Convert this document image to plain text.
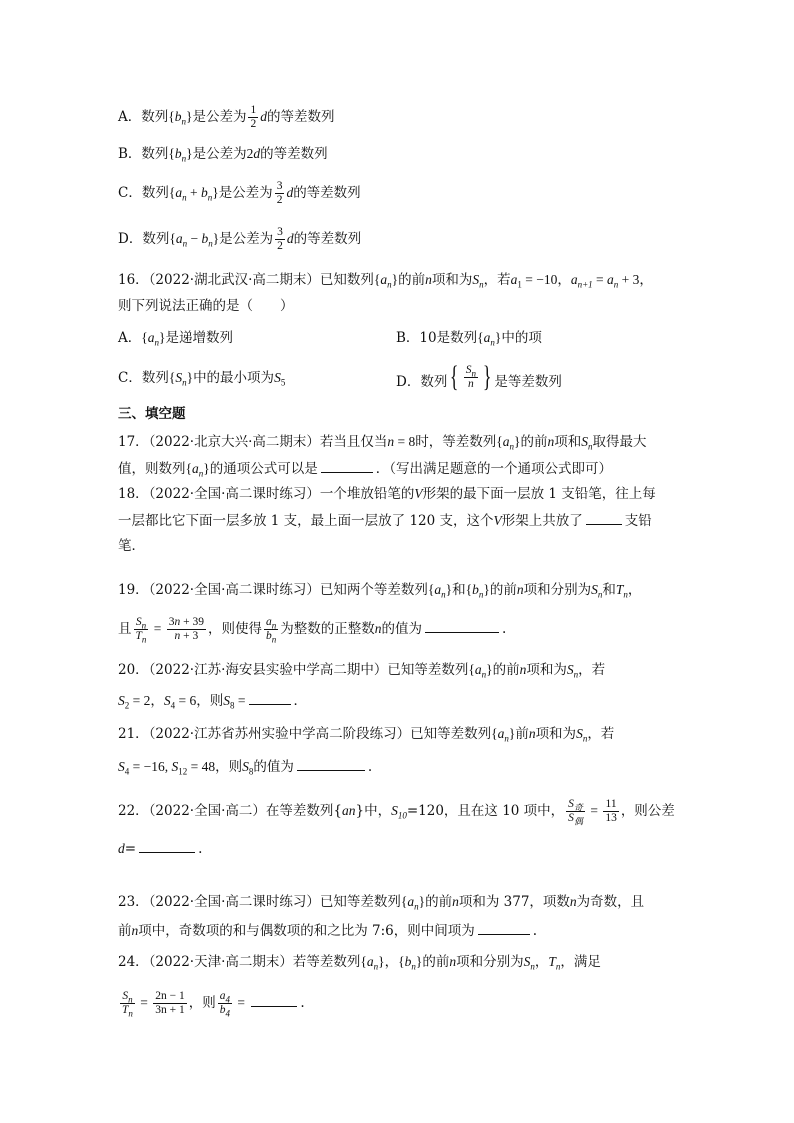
A．数列$\{b_n\}$是公差为 $\frac{1}{2}$ d的等差数列
B．数列$\{b_n\}$是公差为2d的等差数列
C．数列$\{a_n + b_n\}$是公差为 $\frac{3}{2}$ d的等差数列
D．数列$\{a_n - b_n\}$是公差为 $\frac{3}{2}$ d的等差数列
16．（2022·湖北武汉·高二期末）已知数列$\{a_n\}$的前n项和为$S_n$，若$a_1 = -10$，$a_{n+1} = a_n + 3$，
则下列说法正确的是（　　）
A．$\{a_n\}$是递增数列	B．10是数列$\{a_n\}$中的项
C．数列$\{S_n\}$中的最小项为$S_5$	D．数列 { $\frac{S_n}{n}$ } 是等差数列
三、填空题
17．（2022·北京大兴·高二期末）若当且仅当n = 8时，等差数列$\{a_n\}$的前n项和$S_n$取得最大
值，则数列$\{a_n\}$的通项公式可以是	．（写出满足题意的一个通项公式即可）
18．（2022·全国·高二课时练习）一个堆放铅笔的V形架的最下面一层放 1 支铅笔，往上每
一层都比它下面一层多放 1 支，最上面一层放了 120 支，这个V形架上共放了	支铅
笔．
19．（2022·全国·高二课时练习）已知两个等差数列$\{a_n\}$和$\{b_n\}$的前n项和分别为$S_n$和$T_n$，
且 $\frac{S_n}{T_n} = \frac{3n + 39}{n + 3}$ ，则使得 $\frac{a_n}{b_n}$ 为整数的正整数n的值为	.
20．（2022·江苏·海安县实验中学高二期中）已知等差数列$\{a_n\}$的前n项和为$S_n$，若
$S_2 = 2$，$S_4 = 6$，则$S_8$ =	．
21．（2022·江苏省苏州实验中学高二阶段练习）已知等差数列$\{a_n\}$前n项和为$S_n$，若
$S_4 = -16$, $S_{12} = 48$，则$S_8$的值为	.
22．（2022·全国·高二）在等差数列{an}中，$S_{10}=120$，且在这 10 项中， $\frac{S_奇}{S_偶} = \frac{11}{13}$ ，则公差
d=	.
23．（2022·全国·高二课时练习）已知等差数列$\{a_n\}$的前n项和为 377，项数n为奇数，且
前n项中，奇数项的和与偶数项的和之比为 7:6，则中间项为	.
24．（2022·天津·高二期末）若等差数列$\{a_n\}$，$\{b_n\}$的前n项和分别为$S_n$，$T_n$，满足
$\frac{S_n}{T_n} = \frac{2n - 1}{3n + 1}$ ，则 $\frac{a_4}{b_4}$ =	.
